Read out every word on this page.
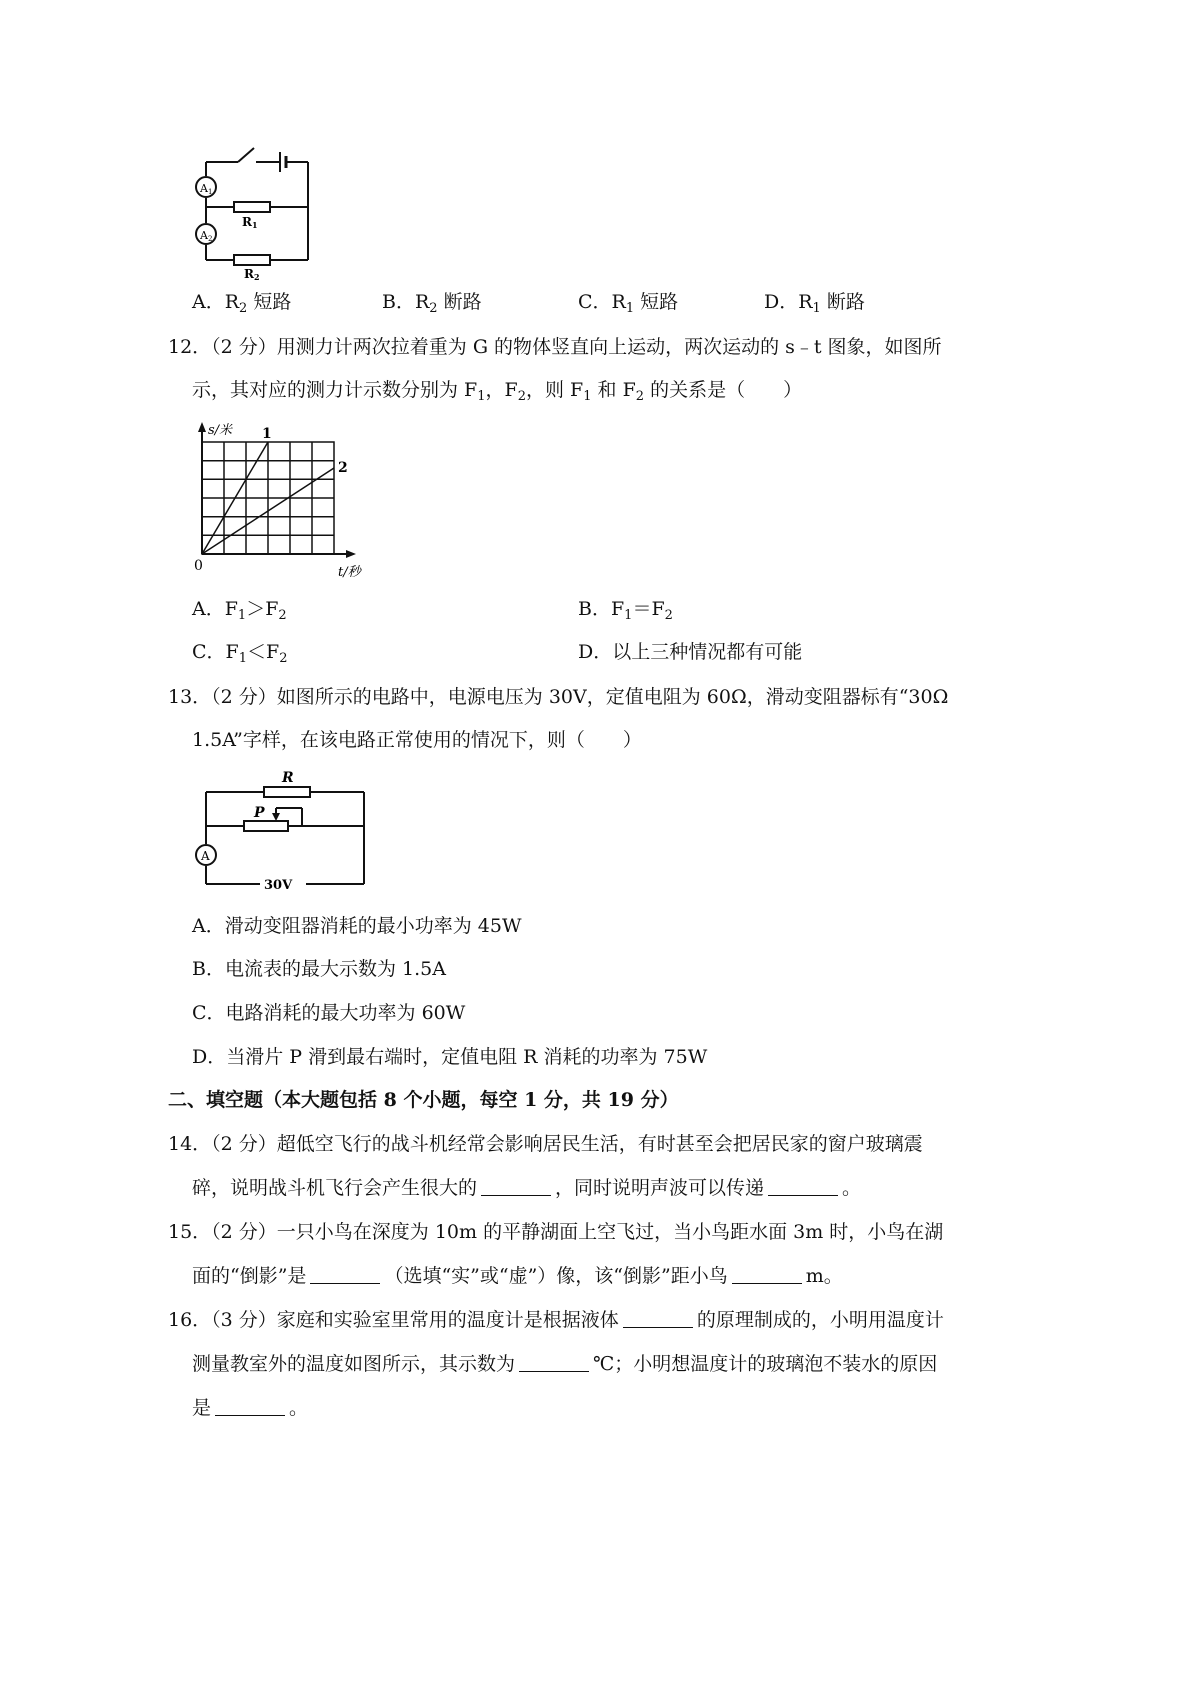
A1
A2
R1
R2
A．$R_2$ 短路	B．$R_2$ 断路	C．$R_1$ 短路	D．$R_1$ 断路
12．（2 分）用测力计两次拉着重为 G 的物体竖直向上运动，两次运动的 s﹣t 图象，如图所
示，其对应的测力计示数分别为 $F_1$，$F_2$，则 $F_1$ 和 $F_2$ 的关系是（　　）
s/米
t/秒
0
1
2
A．$F_1>F_2$	B．$F_1=F_2$
C．$F_1<F_2$	D．以上三种情况都有可能
13．（2 分）如图所示的电路中，电源电压为 30V，定值电阻为 60Ω，滑动变阻器标有“30Ω
1.5A”字样，在该电路正常使用的情况下，则（　　）
R
P
A
30V
A．滑动变阻器消耗的最小功率为 45W
B．电流表的最大示数为 1.5A
C．电路消耗的最大功率为 60W
D．当滑片 P 滑到最右端时，定值电阻 R 消耗的功率为 75W
二、填空题（本大题包括 8 个小题，每空 1 分，共 19 分）
14．（2 分）超低空飞行的战斗机经常会影响居民生活，有时甚至会把居民家的窗户玻璃震
碎，说明战斗机飞行会产生很大的	，同时说明声波可以传递	。
15．（2 分）一只小鸟在深度为 10m 的平静湖面上空飞过，当小鸟距水面 3m 时，小鸟在湖
面的“倒影”是	（选填“实”或“虚”）像，该“倒影”距小鸟	m。
16．（3 分）家庭和实验室里常用的温度计是根据液体	的原理制成的，小明用温度计
测量教室外的温度如图所示，其示数为	℃；小明想温度计的玻璃泡不装水的原因
是	。
